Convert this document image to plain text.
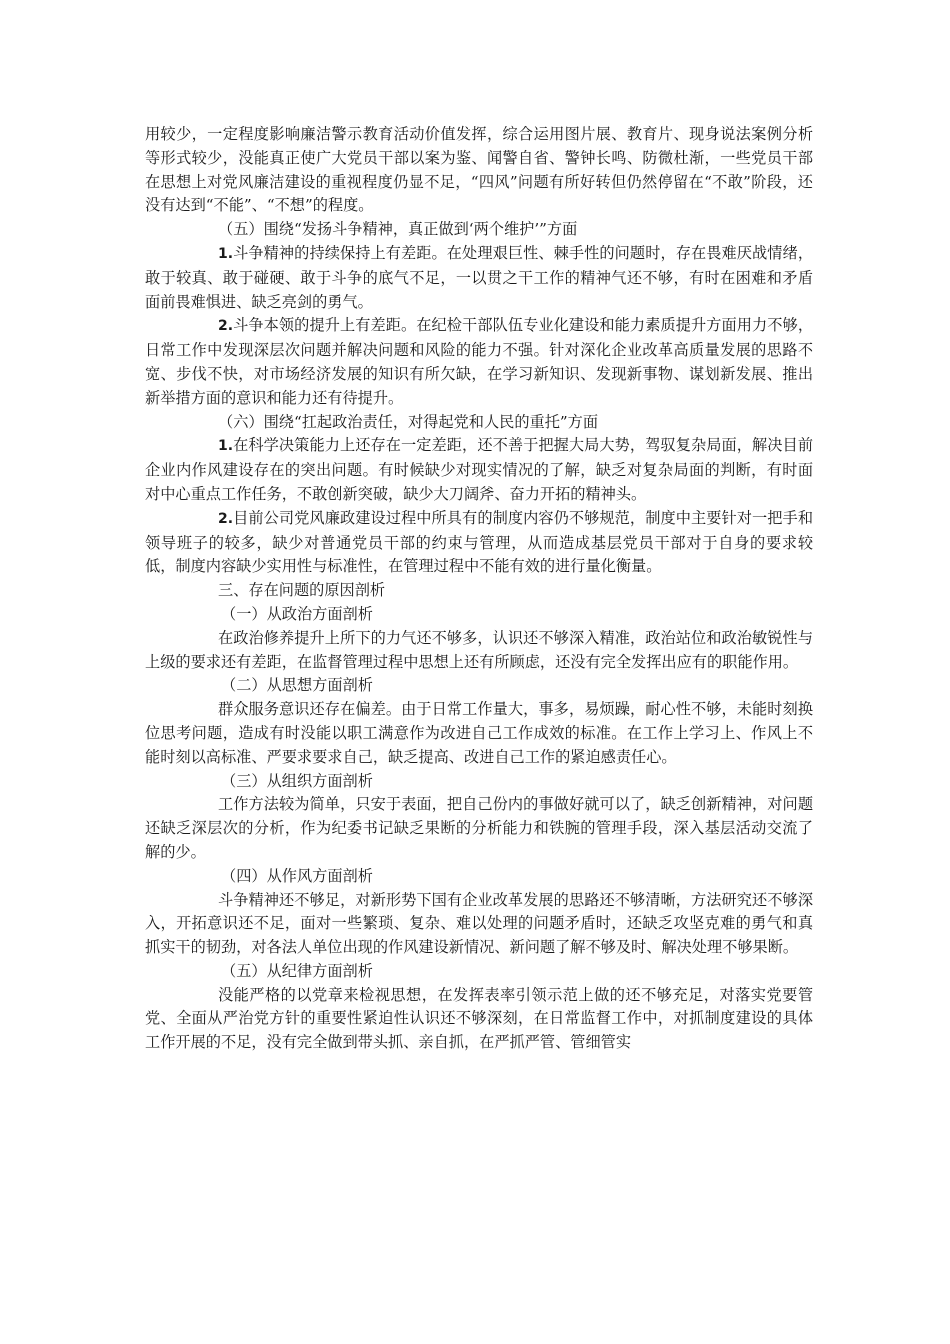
用较少，一定程度影响廉洁警示教育活动价值发挥，综合运用图片展、教育片、现身说法案例分析等形式较少，没能真正使广大党员干部以案为鉴、闻警自省、警钟长鸣、防微杜渐，一些党员干部在思想上对党风廉洁建设的重视程度仍显不足，“四风”问题有所好转但仍然停留在“不敢”阶段，还没有达到“不能”、“不想”的程度。

（五）围绕“发扬斗争精神，真正做到‘两个维护’”方面

1.斗争精神的持续保持上有差距。在处理艰巨性、棘手性的问题时，存在畏难厌战情绪，敢于较真、敢于碰硬、敢于斗争的底气不足，一以贯之干工作的精神气还不够，有时在困难和矛盾面前畏难惧进、缺乏亮剑的勇气。

2.斗争本领的提升上有差距。在纪检干部队伍专业化建设和能力素质提升方面用力不够，日常工作中发现深层次问题并解决问题和风险的能力不强。针对深化企业改革高质量发展的思路不宽、步伐不快，对市场经济发展的知识有所欠缺，在学习新知识、发现新事物、谋划新发展、推出新举措方面的意识和能力还有待提升。

（六）围绕“扛起政治责任，对得起党和人民的重托”方面

1.在科学决策能力上还存在一定差距，还不善于把握大局大势，驾驭复杂局面，解决目前企业内作风建设存在的突出问题。有时候缺少对现实情况的了解，缺乏对复杂局面的判断，有时面对中心重点工作任务，不敢创新突破，缺少大刀阔斧、奋力开拓的精神头。

2.目前公司党风廉政建设过程中所具有的制度内容仍不够规范，制度中主要针对一把手和领导班子的较多，缺少对普通党员干部的约束与管理，从而造成基层党员干部对于自身的要求较低，制度内容缺少实用性与标准性，在管理过程中不能有效的进行量化衡量。

三、存在问题的原因剖析

（一）从政治方面剖析

在政治修养提升上所下的力气还不够多，认识还不够深入精准，政治站位和政治敏锐性与上级的要求还有差距，在监督管理过程中思想上还有所顾虑，还没有完全发挥出应有的职能作用。

（二）从思想方面剖析

群众服务意识还存在偏差。由于日常工作量大，事多，易烦躁，耐心性不够，未能时刻换位思考问题，造成有时没能以职工满意作为改进自己工作成效的标准。在工作上学习上、作风上不能时刻以高标准、严要求要求自己，缺乏提高、改进自己工作的紧迫感责任心。

（三）从组织方面剖析

工作方法较为简单，只安于表面，把自己份内的事做好就可以了，缺乏创新精神，对问题还缺乏深层次的分析，作为纪委书记缺乏果断的分析能力和铁腕的管理手段，深入基层活动交流了解的少。

（四）从作风方面剖析

斗争精神还不够足，对新形势下国有企业改革发展的思路还不够清晰，方法研究还不够深入，开拓意识还不足，面对一些繁琐、复杂、难以处理的问题矛盾时，还缺乏攻坚克难的勇气和真抓实干的韧劲，对各法人单位出现的作风建设新情况、新问题了解不够及时、解决处理不够果断。

（五）从纪律方面剖析

没能严格的以党章来检视思想，在发挥表率引领示范上做的还不够充足，对落实党要管党、全面从严治党方针的重要性紧迫性认识还不够深刻，在日常监督工作中，对抓制度建设的具体工作开展的不足，没有完全做到带头抓、亲自抓，在严抓严管、管细管实
